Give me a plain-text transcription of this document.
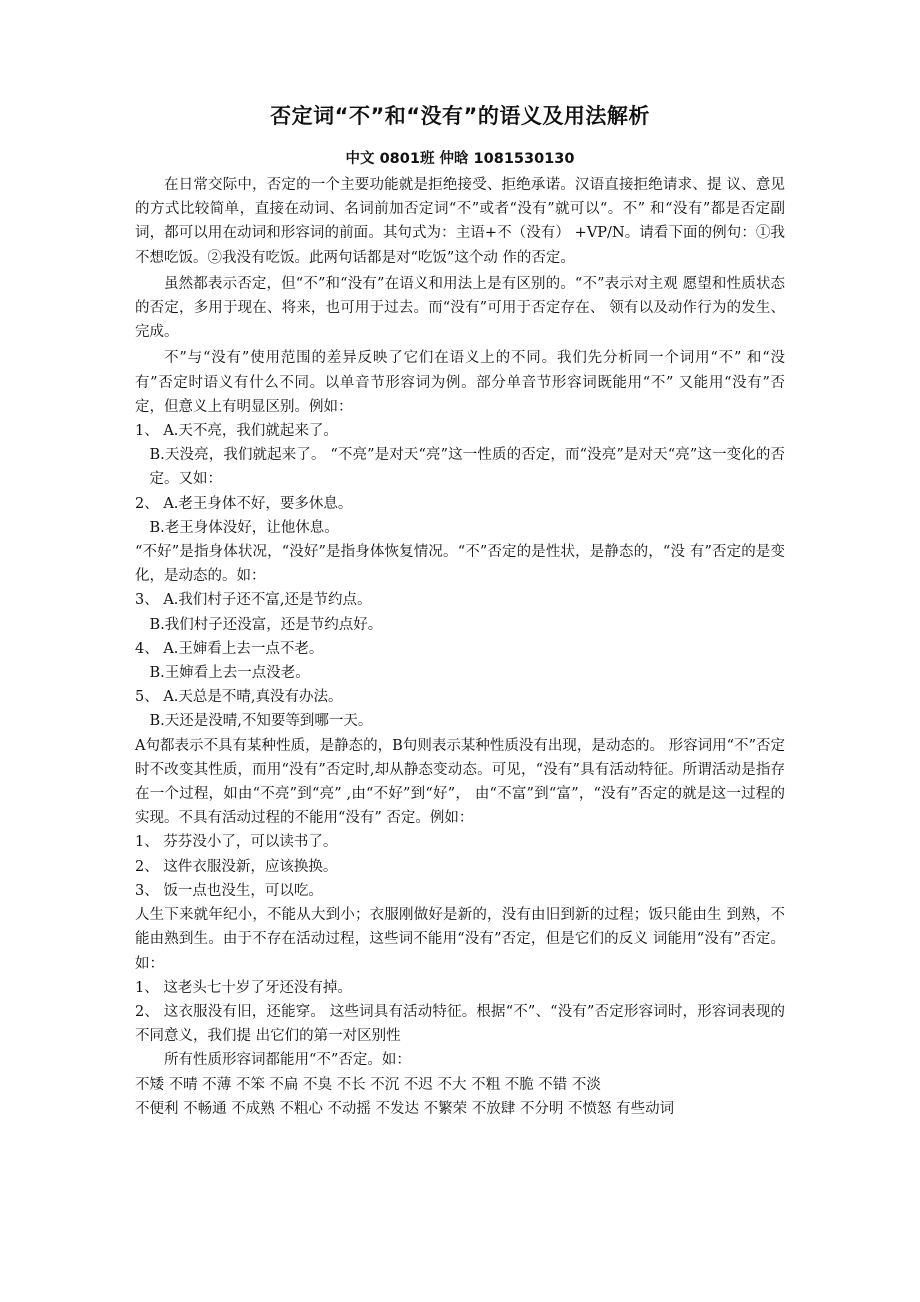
否定词“不”和“没有”的语义及用法解析
中文 0801班 仲晗 1081530130

在日常交际中，否定的一个主要功能就是拒绝接受、拒绝承诺。汉语直接拒绝请求、提 议、意见的方式比较简单，直接在动词、名词前加否定词“不”或者“没有”就可以“。不” 和“没有”都是否定副词，都可以用在动词和形容词的前面。其句式为：主语+不（没有） +VP/N。请看下面的例句：①我不想吃饭。②我没有吃饭。此两句话都是对“吃饭”这个动 作的否定。

虽然都表示否定，但“不”和“没有”在语义和用法上是有区别的。“不”表示对主观 愿望和性质状态的否定，多用于现在、将来，也可用于过去。而“没有”可用于否定存在、 领有以及动作行为的发生、完成。

不”与“没有”使用范围的差异反映了它们在语义上的不同。我们先分析同一个词用“不” 和“没有”否定时语义有什么不同。以单音节形容词为例。部分单音节形容词既能用“不” 又能用“没有”否定，但意义上有明显区别。例如：

1、 A.天不亮，我们就起来了。

B.天没亮，我们就起来了。 “不亮”是对天“亮”这一性质的否定，而“没亮”是对天“亮”这一变化的否定。又如：

2、 A.老王身体不好，要多休息。

B.老王身体没好，让他休息。

“不好”是指身体状况，“没好”是指身体恢复情况。“不”否定的是性状，是静态的，“没 有”否定的是变化，是动态的。如：

3、 A.我们村子还不富,还是节约点。

B.我们村子还没富，还是节约点好。

4、 A.王婶看上去一点不老。

B.王婶看上去一点没老。

5、 A.天总是不晴,真没有办法。

B.天还是没晴,不知要等到哪一天。

A句都表示不具有某种性质，是静态的，B句则表示某种性质没有出现，是动态的。 形容词用“不”否定时不改变其性质，而用“没有”否定时,却从静态变动态。可见，“没有”具有活动特征。所谓活动是指存在一个过程，如由“不亮”到“亮” ,由“不好”到“好”， 由“不富”到“富”，“没有”否定的就是这一过程的实现。不具有活动过程的不能用“没有” 否定。例如：

1、 芬芬没小了，可以读书了。

2、 这件衣服没新，应该换换。

3、 饭一点也没生，可以吃。

人生下来就年纪小，不能从大到小；衣服刚做好是新的，没有由旧到新的过程；饭只能由生 到熟，不能由熟到生。由于不存在活动过程，这些词不能用“没有”否定，但是它们的反义 词能用“没有”否定。如：

1、 这老头七十岁了牙还没有掉。

2、 这衣服没有旧，还能穿。 这些词具有活动特征。根据“不”、“没有”否定形容词时，形容词表现的不同意义，我们提 出它们的第一对区别性

所有性质形容词都能用“不”否定。如：

不矮 不晴 不薄 不笨 不扁 不臭 不长 不沉 不迟 不大 不粗 不脆 不错 不淡

不便利 不畅通 不成熟 不粗心 不动摇 不发达 不繁荣 不放肆 不分明 不愤怒 有些动词
